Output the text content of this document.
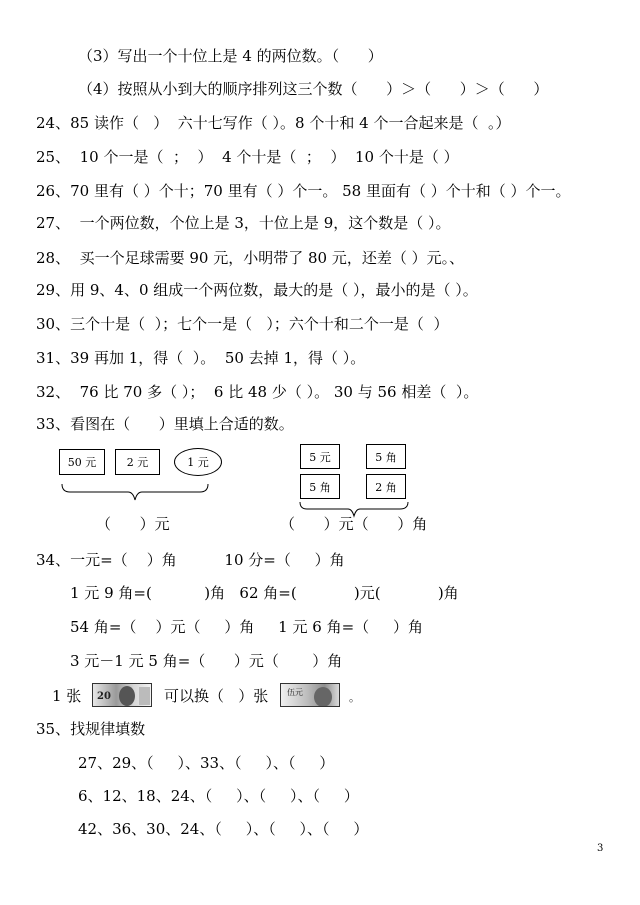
（3）写出一个十位上是 4 的两位数。（      ）
（4）按照从小到大的顺序排列这三个数（      ）＞（      ）＞（      ）
24、85 读作（   ）  六十七写作（ ）。8 个十和 4 个一合起来是（  。）
25、  10 个一是（  ；  ）  4 个十是（  ；  ）  10 个十是（ ）
26、70 里有（ ）个十；70 里有（ ）个一。 58 里面有（ ）个十和（ ）个一。
27、  一个两位数，个位上是 3，十位上是 9，这个数是（ ）。
28、  买一个足球需要 90 元，小明带了 80 元，还差（ ）元。、
29、用 9、4、0 组成一个两位数，最大的是（ ），最小的是（ ）。
30、三个十是（  ）；七个一是（   ）；六个十和二个一是（  ）
31、39 再加 1，得（  ）。  50 去掉 1，得（ ）。
32、  76 比 70 多（ ）；  6 比 48 少（ ）。 30 与 56 相差（  ）。
33、看图在（      ）里填上合适的数。
50 元	2 元	1 元
（      ）元
5 元	5 角
5 角	2 角
（      ）元（      ）角
34、一元=（    ）角          10 分=（     ）角
1 元 9 角=(           )角   62 角=(            )元(            )角
54 角=（    ）元（     ）角     1 元 6 角=（     ）角
3 元－1 元 5 角=（      ）元（       ）角
1 张 20	可以换（   ）张 伍元	。
35、找规律填数
27、29、（     ）、33、（     ）、（     ）
6、12、18、24、（     ）、（     ）、（     ）
42、36、30、24、（     ）、（     ）、（     ）
3
